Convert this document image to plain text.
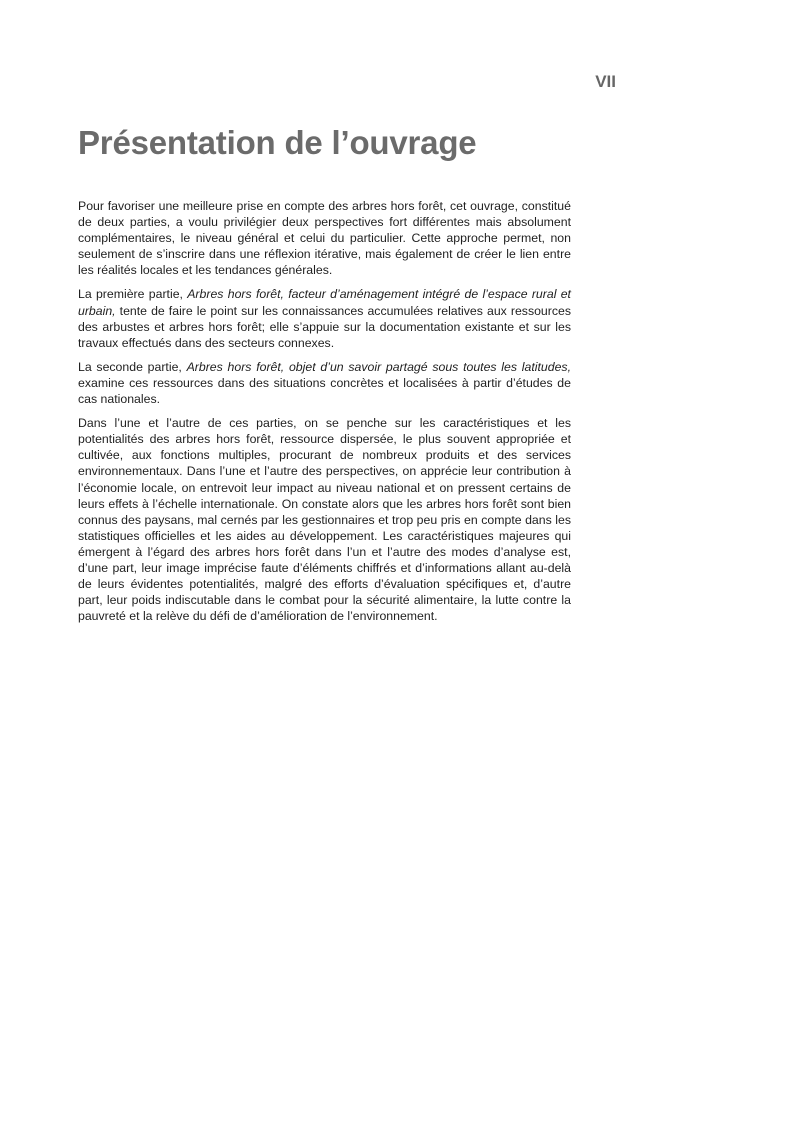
VII
Présentation de l’ouvrage

Pour favoriser une meilleure prise en compte des arbres hors forêt, cet ouvrage, constitué de deux parties, a voulu privilégier deux perspectives fort différentes mais absolument complémentaires, le niveau général et celui du particulier. Cette approche permet, non seulement de s’inscrire dans une réflexion itérative, mais également de créer le lien entre les réalités locales et les tendances générales.

La première partie, Arbres hors forêt, facteur d’aménagement intégré de l’espace rural et urbain, tente de faire le point sur les connaissances accumulées relatives aux ressources des arbustes et arbres hors forêt; elle s’appuie sur la documentation existante et sur les travaux effectués dans des secteurs connexes.

La seconde partie, Arbres hors forêt, objet d’un savoir partagé sous toutes les latitudes, examine ces ressources dans des situations concrètes et localisées à partir d’études de cas nationales.

Dans l’une et l’autre de ces parties, on se penche sur les caractéristiques et les potentialités des arbres hors forêt, ressource dispersée, le plus souvent appropriée et cultivée, aux fonctions multiples, procurant de nombreux produits et des services environnementaux. Dans l’une et l’autre des perspectives, on apprécie leur contribution à l’économie locale, on entrevoit leur impact au niveau national et on pressent certains de leurs effets à l’échelle internationale. On constate alors que les arbres hors forêt sont bien connus des paysans, mal cernés par les gestionnaires et trop peu pris en compte dans les statistiques officielles et les aides au développement. Les caractéristiques majeures qui émergent à l’égard des arbres hors forêt dans l’un et l’autre des modes d’analyse est, d’une part, leur image imprécise faute d’éléments chiffrés et d’informations allant au-delà de leurs évidentes potentialités, malgré des efforts d’évaluation spécifiques et, d’autre part, leur poids indiscutable dans le combat pour la sécurité alimentaire, la lutte contre la pauvreté et la relève du défi de d’amélioration de l’environnement.
